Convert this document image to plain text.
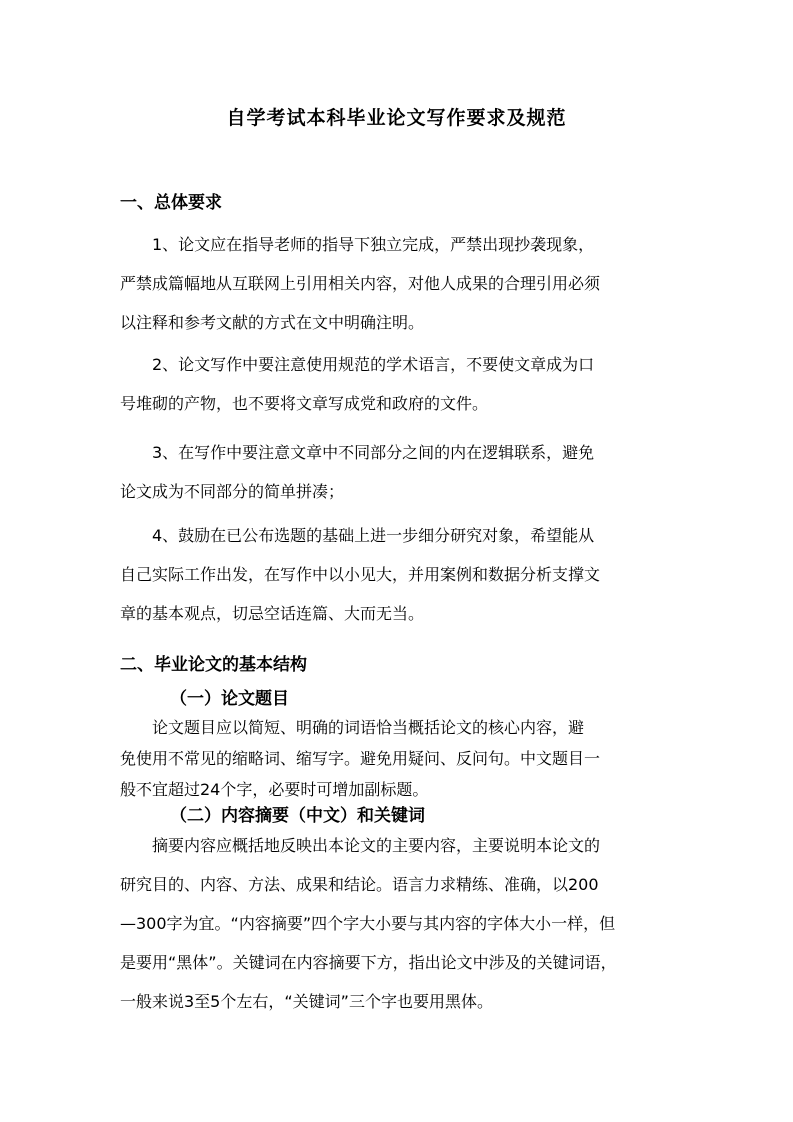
自学考试本科毕业论文写作要求及规范
一、总体要求
1、论文应在指导老师的指导下独立完成，严禁出现抄袭现象，
严禁成篇幅地从互联网上引用相关内容，对他人成果的合理引用必须
以注释和参考文献的方式在文中明确注明。
2、论文写作中要注意使用规范的学术语言，不要使文章成为口
号堆砌的产物，也不要将文章写成党和政府的文件。
3、在写作中要注意文章中不同部分之间的内在逻辑联系，避免
论文成为不同部分的简单拼凑；
4、鼓励在已公布选题的基础上进一步细分研究对象，希望能从
自己实际工作出发，在写作中以小见大，并用案例和数据分析支撑文
章的基本观点，切忌空话连篇、大而无当。
二、毕业论文的基本结构
（一）论文题目
论文题目应以简短、明确的词语恰当概括论文的核心内容，避
免使用不常见的缩略词、缩写字。避免用疑问、反问句。中文题目一
般不宜超过24个字，必要时可增加副标题。
（二）内容摘要（中文）和关键词
摘要内容应概括地反映出本论文的主要内容，主要说明本论文的
研究目的、内容、方法、成果和结论。语言力求精练、准确，以200
—300字为宜。“内容摘要”四个字大小要与其内容的字体大小一样，但
是要用“黑体”。关键词在内容摘要下方，指出论文中涉及的关键词语，
一般来说3至5个左右，“关键词”三个字也要用黑体。
